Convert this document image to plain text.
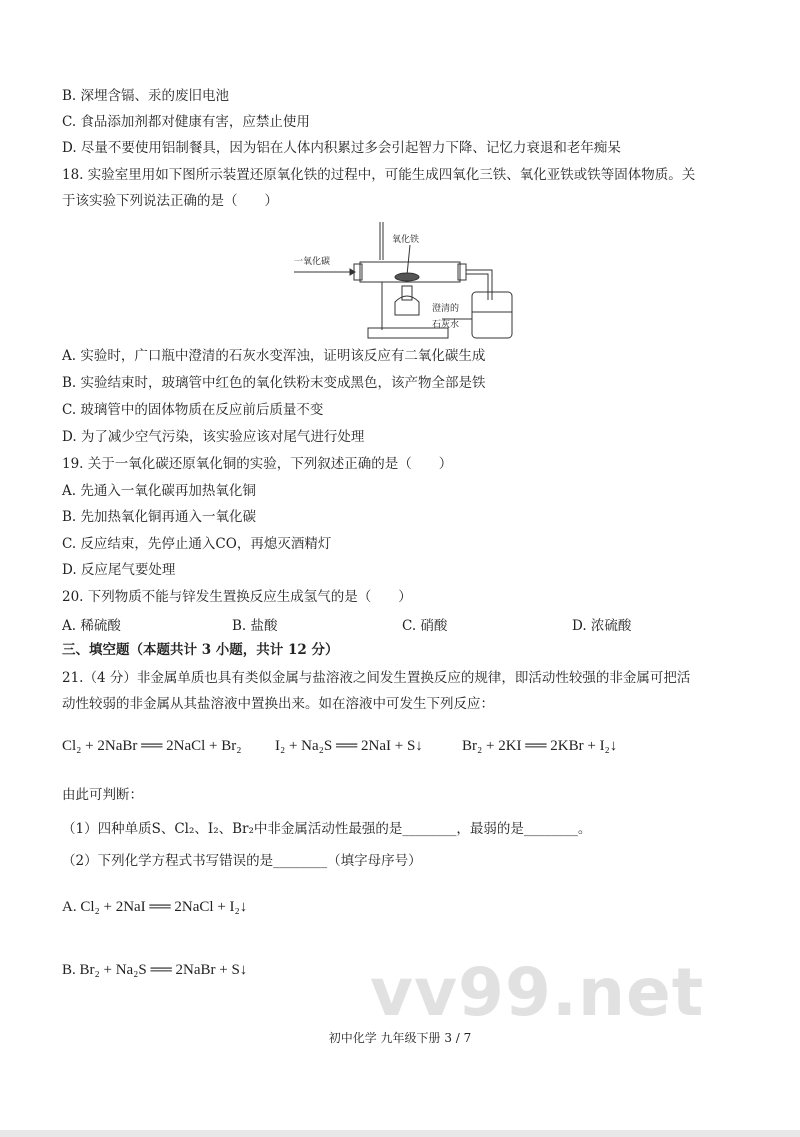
B. 深埋含镉、汞的废旧电池
C. 食品添加剂都对健康有害，应禁止使用
D. 尽量不要使用铝制餐具，因为铝在人体内积累过多会引起智力下降、记忆力衰退和老年痴呆
18. 实验室里用如下图所示装置还原氧化铁的过程中，可能生成四氧化三铁、氧化亚铁或铁等固体物质。关
于该实验下列说法正确的是（　　）
一氧化碳
氧化铁
澄清的
石灰水
A. 实验时，广口瓶中澄清的石灰水变浑浊，证明该反应有二氧化碳生成
B. 实验结束时，玻璃管中红色的氧化铁粉末变成黑色，该产物全部是铁
C. 玻璃管中的固体物质在反应前后质量不变
D. 为了减少空气污染，该实验应该对尾气进行处理
19. 关于一氧化碳还原氧化铜的实验，下列叙述正确的是（　　）
A. 先通入一氧化碳再加热氧化铜
B. 先加热氧化铜再通入一氧化碳
C. 反应结束，先停止通入CO，再熄灭酒精灯
D. 反应尾气要处理
20. 下列物质不能与锌发生置换反应生成氢气的是（　　）
A. 稀硫酸	B. 盐酸	C. 硝酸	D. 浓硫酸
三、填空题（本题共计 3 小题，共计 12 分）
21.（4 分）非金属单质也具有类似金属与盐溶液之间发生置换反应的规律，即活动性较强的非金属可把活
动性较弱的非金属从其盐溶液中置换出来。如在溶液中可发生下列反应：
Cl₂ + 2NaBr ══ 2NaCl + Br₂ I₂ + Na₂S ══ 2NaI + S↓	Br₂ + 2KI ══ 2KBr + I₂↓
由此可判断：
（1）四种单质S、Cl₂、I₂、Br₂中非金属活动性最强的是________，最弱的是________。
（2）下列化学方程式书写错误的是________（填字母序号）
A. Cl₂ + 2NaI ══ 2NaCl + I₂↓
B. Br₂ + Na₂S ══ 2NaBr + S↓ vv99.net
初中化学 九年级下册 3 / 7
